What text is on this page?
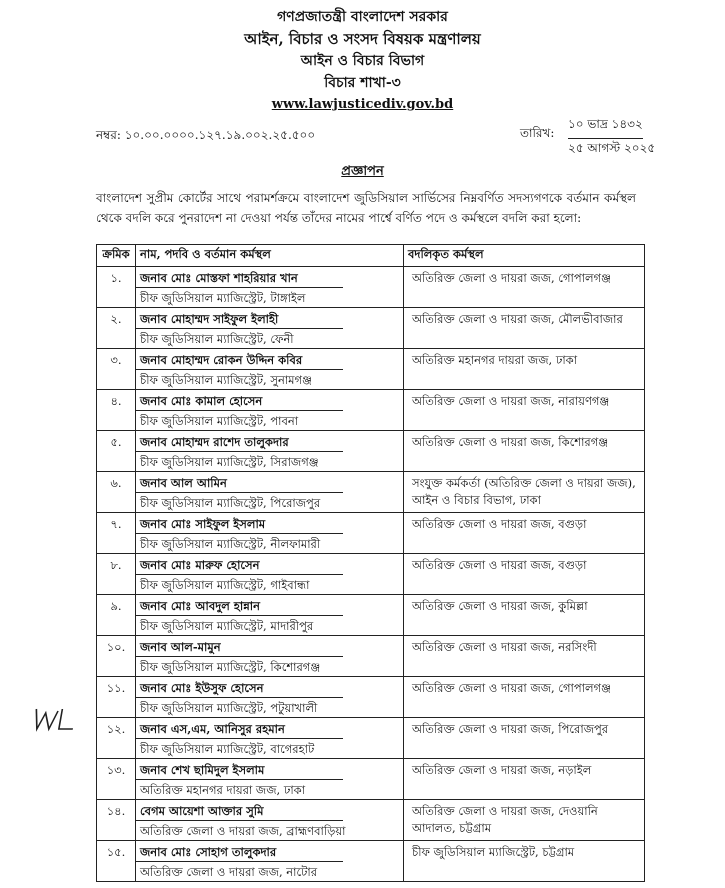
গণপ্রজাতন্ত্রী বাংলাদেশ সরকার
আইন, বিচার ও সংসদ বিষয়ক মন্ত্রণালয়
আইন ও বিচার বিভাগ
বিচার শাখা-৩
www.lawjusticediv.gov.bd
নম্বর: ১০.০০.০০০০.১২৭.১৯.০০২.২৫.৫০০	তারিখ:
১০ ভাদ্র ১৪৩২
২৫ আগস্ট ২০২৫
প্রজ্ঞাপন
বাংলাদেশ সুপ্রীম কোর্টের সাথে পরামর্শক্রমে বাংলাদেশ জুডিসিয়াল সার্ভিসের নিম্নবর্ণিত সদস্যগণকে বর্তমান কর্মস্থল থেকে বদলি করে পুনরাদেশ না দেওয়া পর্যন্ত তাঁদের নামের পার্শ্বে বর্ণিত পদে ও কর্মস্থলে বদলি করা হলো:
ক্রমিক	নাম, পদবি ও বর্তমান কর্মস্থল	বদলিকৃত কর্মস্থল
১.	জনাব মোঃ মোস্তফা শাহরিয়ার খান
চীফ জুডিসিয়াল ম্যাজিস্ট্রেট, টাঙ্গাইল	অতিরিক্ত জেলা ও দায়রা জজ, গোপালগঞ্জ
২.	জনাব মোহাম্মদ সাইফুল ইলাহী
চীফ জুডিসিয়াল ম্যাজিস্ট্রেট, ফেনী	অতিরিক্ত জেলা ও দায়রা জজ, মৌলভীবাজার
৩.	জনাব মোহাম্মদ রোকন উদ্দিন কবির
চীফ জুডিসিয়াল ম্যাজিস্ট্রেট, সুনামগঞ্জ	অতিরিক্ত মহানগর দায়রা জজ, ঢাকা
৪.	জনাব মোঃ কামাল হোসেন
চীফ জুডিসিয়াল ম্যাজিস্ট্রেট, পাবনা	অতিরিক্ত জেলা ও দায়রা জজ, নারায়ণগঞ্জ
৫.	জনাব মোহাম্মদ রাশেদ তালুকদার
চীফ জুডিসিয়াল ম্যাজিস্ট্রেট, সিরাজগঞ্জ	অতিরিক্ত জেলা ও দায়রা জজ, কিশোরগঞ্জ
৬.	জনাব আল আমিন
চীফ জুডিসিয়াল ম্যাজিস্ট্রেট, পিরোজপুর	সংযুক্ত কর্মকর্তা (অতিরিক্ত জেলা ও দায়রা জজ), আইন ও বিচার বিভাগ, ঢাকা
৭.	জনাব মোঃ সাইফুল ইসলাম
চীফ জুডিসিয়াল ম্যাজিস্ট্রেট, নীলফামারী	অতিরিক্ত জেলা ও দায়রা জজ, বগুড়া
৮.	জনাব মোঃ মারুফ হোসেন
চীফ জুডিসিয়াল ম্যাজিস্ট্রেট, গাইবান্ধা	অতিরিক্ত জেলা ও দায়রা জজ, বগুড়া
৯.	জনাব মোঃ আবদুল হান্নান
চীফ জুডিসিয়াল ম্যাজিস্ট্রেট, মাদারীপুর	অতিরিক্ত জেলা ও দায়রা জজ, কুমিল্লা
১০.	জনাব আল-মামুন
চীফ জুডিসিয়াল ম্যাজিস্ট্রেট, কিশোরগঞ্জ	অতিরিক্ত জেলা ও দায়রা জজ, নরসিংদী
১১.	জনাব মোঃ ইউসুফ হোসেন
চীফ জুডিসিয়াল ম্যাজিস্ট্রেট, পটুয়াখালী	অতিরিক্ত জেলা ও দায়রা জজ, গোপালগঞ্জ
১২.	জনাব এস,এম, আনিসুর রহমান
চীফ জুডিসিয়াল ম্যাজিস্ট্রেট, বাগেরহাট	অতিরিক্ত জেলা ও দায়রা জজ, পিরোজপুর
১৩.	জনাব শেখ ছামিদুল ইসলাম
অতিরিক্ত মহানগর দায়রা জজ, ঢাকা	অতিরিক্ত জেলা ও দায়রা জজ, নড়াইল
১৪.	বেগম আয়েশা আক্তার সুমি
অতিরিক্ত জেলা ও দায়রা জজ, ব্রাহ্মণবাড়িয়া	অতিরিক্ত জেলা ও দায়রা জজ, দেওয়ানি আদালত, চট্টগ্রাম
১৫.	জনাব মোঃ সোহাগ তালুকদার
অতিরিক্ত জেলা ও দায়রা জজ, নাটোর	চীফ জুডিসিয়াল ম্যাজিস্ট্রেট, চট্টগ্রাম
